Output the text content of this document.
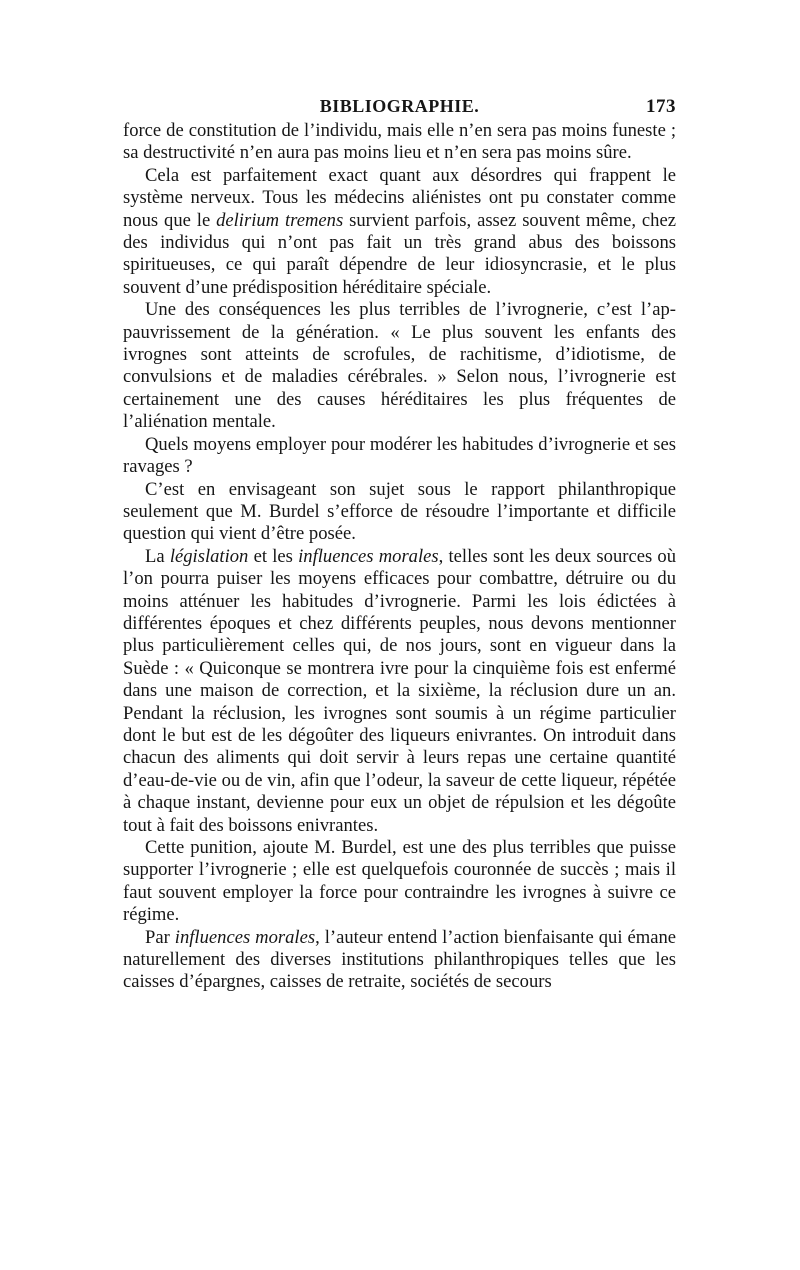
BIBLIOGRAPHIE.	173

force de constitution de l’individu, mais elle n’en sera pas moins funeste ; sa destructivité n’en aura pas moins lieu et n’en sera pas moins sûre.

Cela est parfaitement exact quant aux désordres qui frappent le système nerveux. Tous les médecins aliénistes ont pu constater comme nous que le delirium tremens survient parfois, assez souvent même, chez des individus qui n’ont pas fait un très grand abus des boissons spiritueuses, ce qui paraît dépendre de leur idiosyncrasie, et le plus souvent d’une prédisposition héréditaire spéciale.

Une des conséquences les plus terribles de l’ivrognerie, c’est l’appauvrissement de la génération. « Le plus souvent les enfants des ivrognes sont atteints de scrofules, de rachitisme, d’idiotisme, de convulsions et de maladies cérébrales. » Selon nous, l’ivrognerie est certainement une des causes héréditaires les plus fréquentes de l’aliénation mentale.

Quels moyens employer pour modérer les habitudes d’ivrognerie et ses ravages ?

C’est en envisageant son sujet sous le rapport philanthropique seulement que M. Burdel s’efforce de résoudre l’importante et difficile question qui vient d’être posée.

La législation et les influences morales, telles sont les deux sources où l’on pourra puiser les moyens efficaces pour combattre, détruire ou du moins atténuer les habitudes d’ivrognerie. Parmi les lois édictées à différentes époques et chez différents peuples, nous devons mentionner plus particulièrement celles qui, de nos jours, sont en vigueur dans la Suède : « Quiconque se montrera ivre pour la cinquième fois est enfermé dans une maison de correction, et la sixième, la réclusion dure un an. Pendant la réclusion, les ivrognes sont soumis à un régime particulier dont le but est de les dégoûter des liqueurs enivrantes. On introduit dans chacun des aliments qui doit servir à leurs repas une certaine quantité d’eau-de-vie ou de vin, afin que l’odeur, la saveur de cette liqueur, répétée à chaque instant, devienne pour eux un objet de répulsion et les dégoûte tout à fait des boissons enivrantes.

Cette punition, ajoute M. Burdel, est une des plus terribles que puisse supporter l’ivrognerie ; elle est quelquefois couronnée de succès ; mais il faut souvent employer la force pour contraindre les ivrognes à suivre ce régime.

Par influences morales, l’auteur entend l’action bienfaisante qui émane naturellement des diverses institutions philanthropiques telles que les caisses d’épargnes, caisses de retraite, sociétés de secours
